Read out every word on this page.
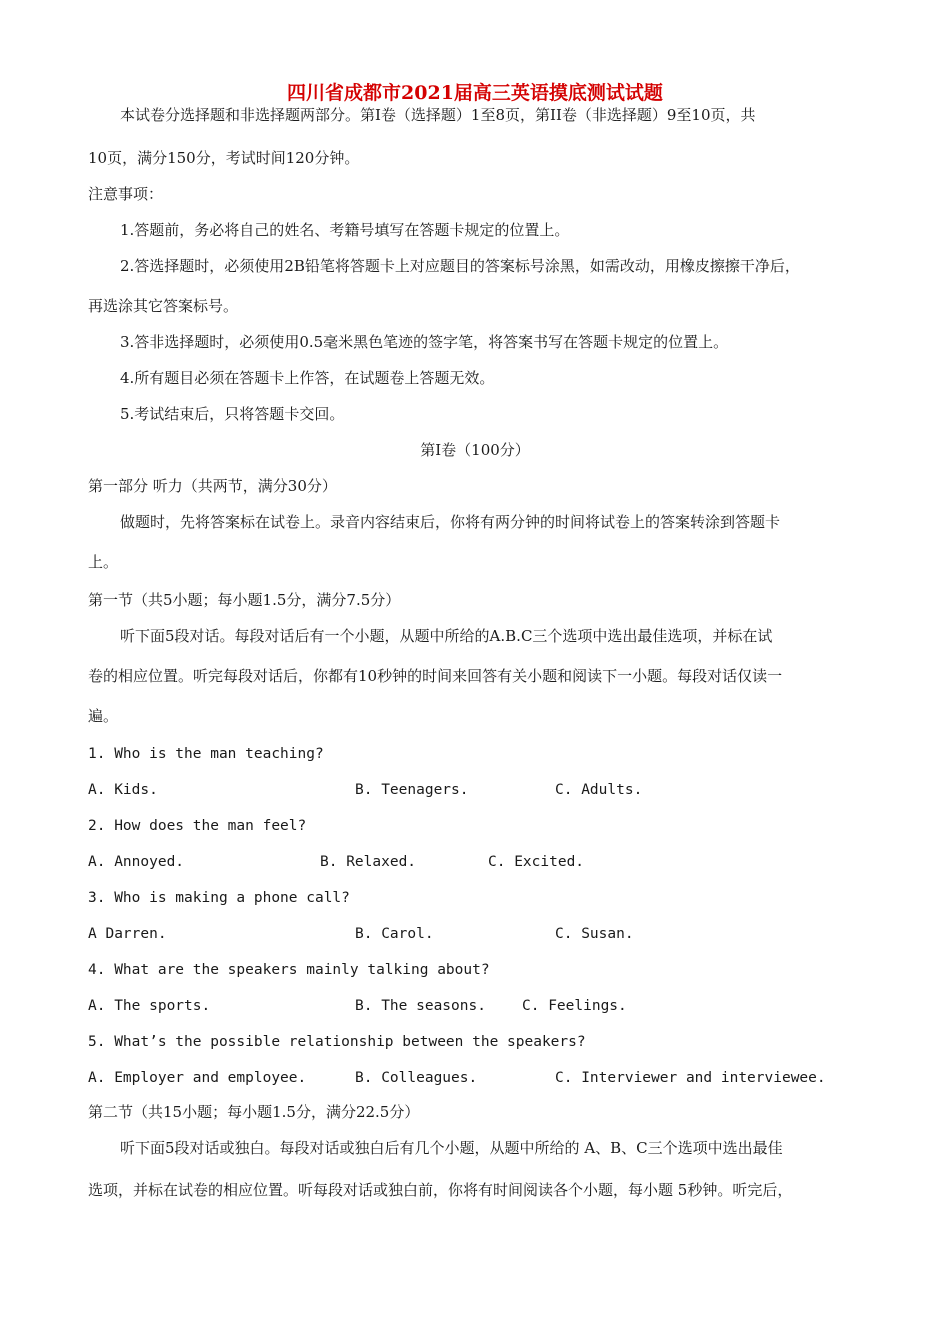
四川省成都市2021届高三英语摸底测试试题
本试卷分选择题和非选择题两部分。第Ⅰ卷（选择题）1至8页，第II卷（非选择题）9至10页，共
10页，满分150分，考试时间120分钟。
注意事项：
1.答题前，务必将自己的姓名、考籍号填写在答题卡规定的位置上。
2.答选择题时，必须使用2B铅笔将答题卡上对应题目的答案标号涂黑，如需改动，用橡皮擦擦干净后，
再选涂其它答案标号。
3.答非选择题时，必须使用0.5毫米黑色笔迹的签字笔，将答案书写在答题卡规定的位置上。
4.所有题目必须在答题卡上作答，在试题卷上答题无效。
5.考试结束后，只将答题卡交回。
第Ⅰ卷（100分）
第一部分 听力（共两节，满分30分）
做题时，先将答案标在试卷上。录音内容结束后，你将有两分钟的时间将试卷上的答案转涂到答题卡
上。
第一节（共5小题；每小题1.5分，满分7.5分）
听下面5段对话。每段对话后有一个小题，从题中所给的A.B.C三个选项中选出最佳选项，并标在试
卷的相应位置。听完每段对话后，你都有10秒钟的时间来回答有关小题和阅读下一小题。每段对话仅读一
遍。
1. Who is the man teaching?
A. Kids.	B. Teenagers.	C. Adults.
2. How does the man feel?
A. Annoyed.	B. Relaxed.	C. Excited.
3. Who is making a phone call?
A Darren.	B. Carol.	C. Susan.
4. What are the speakers mainly talking about?
A. The sports.	B. The seasons. C. Feelings.
5. What’s the possible relationship between the speakers?
A. Employer and employee.	B. Colleagues.	C. Interviewer and interviewee.
第二节（共15小题；每小题1.5分，满分22.5分）
听下面5段对话或独白。每段对话或独白后有几个小题，从题中所给的 A、B、C三个选项中选出最佳
选项，并标在试卷的相应位置。听每段对话或独白前，你将有时间阅读各个小题，每小题 5秒钟。听完后，
